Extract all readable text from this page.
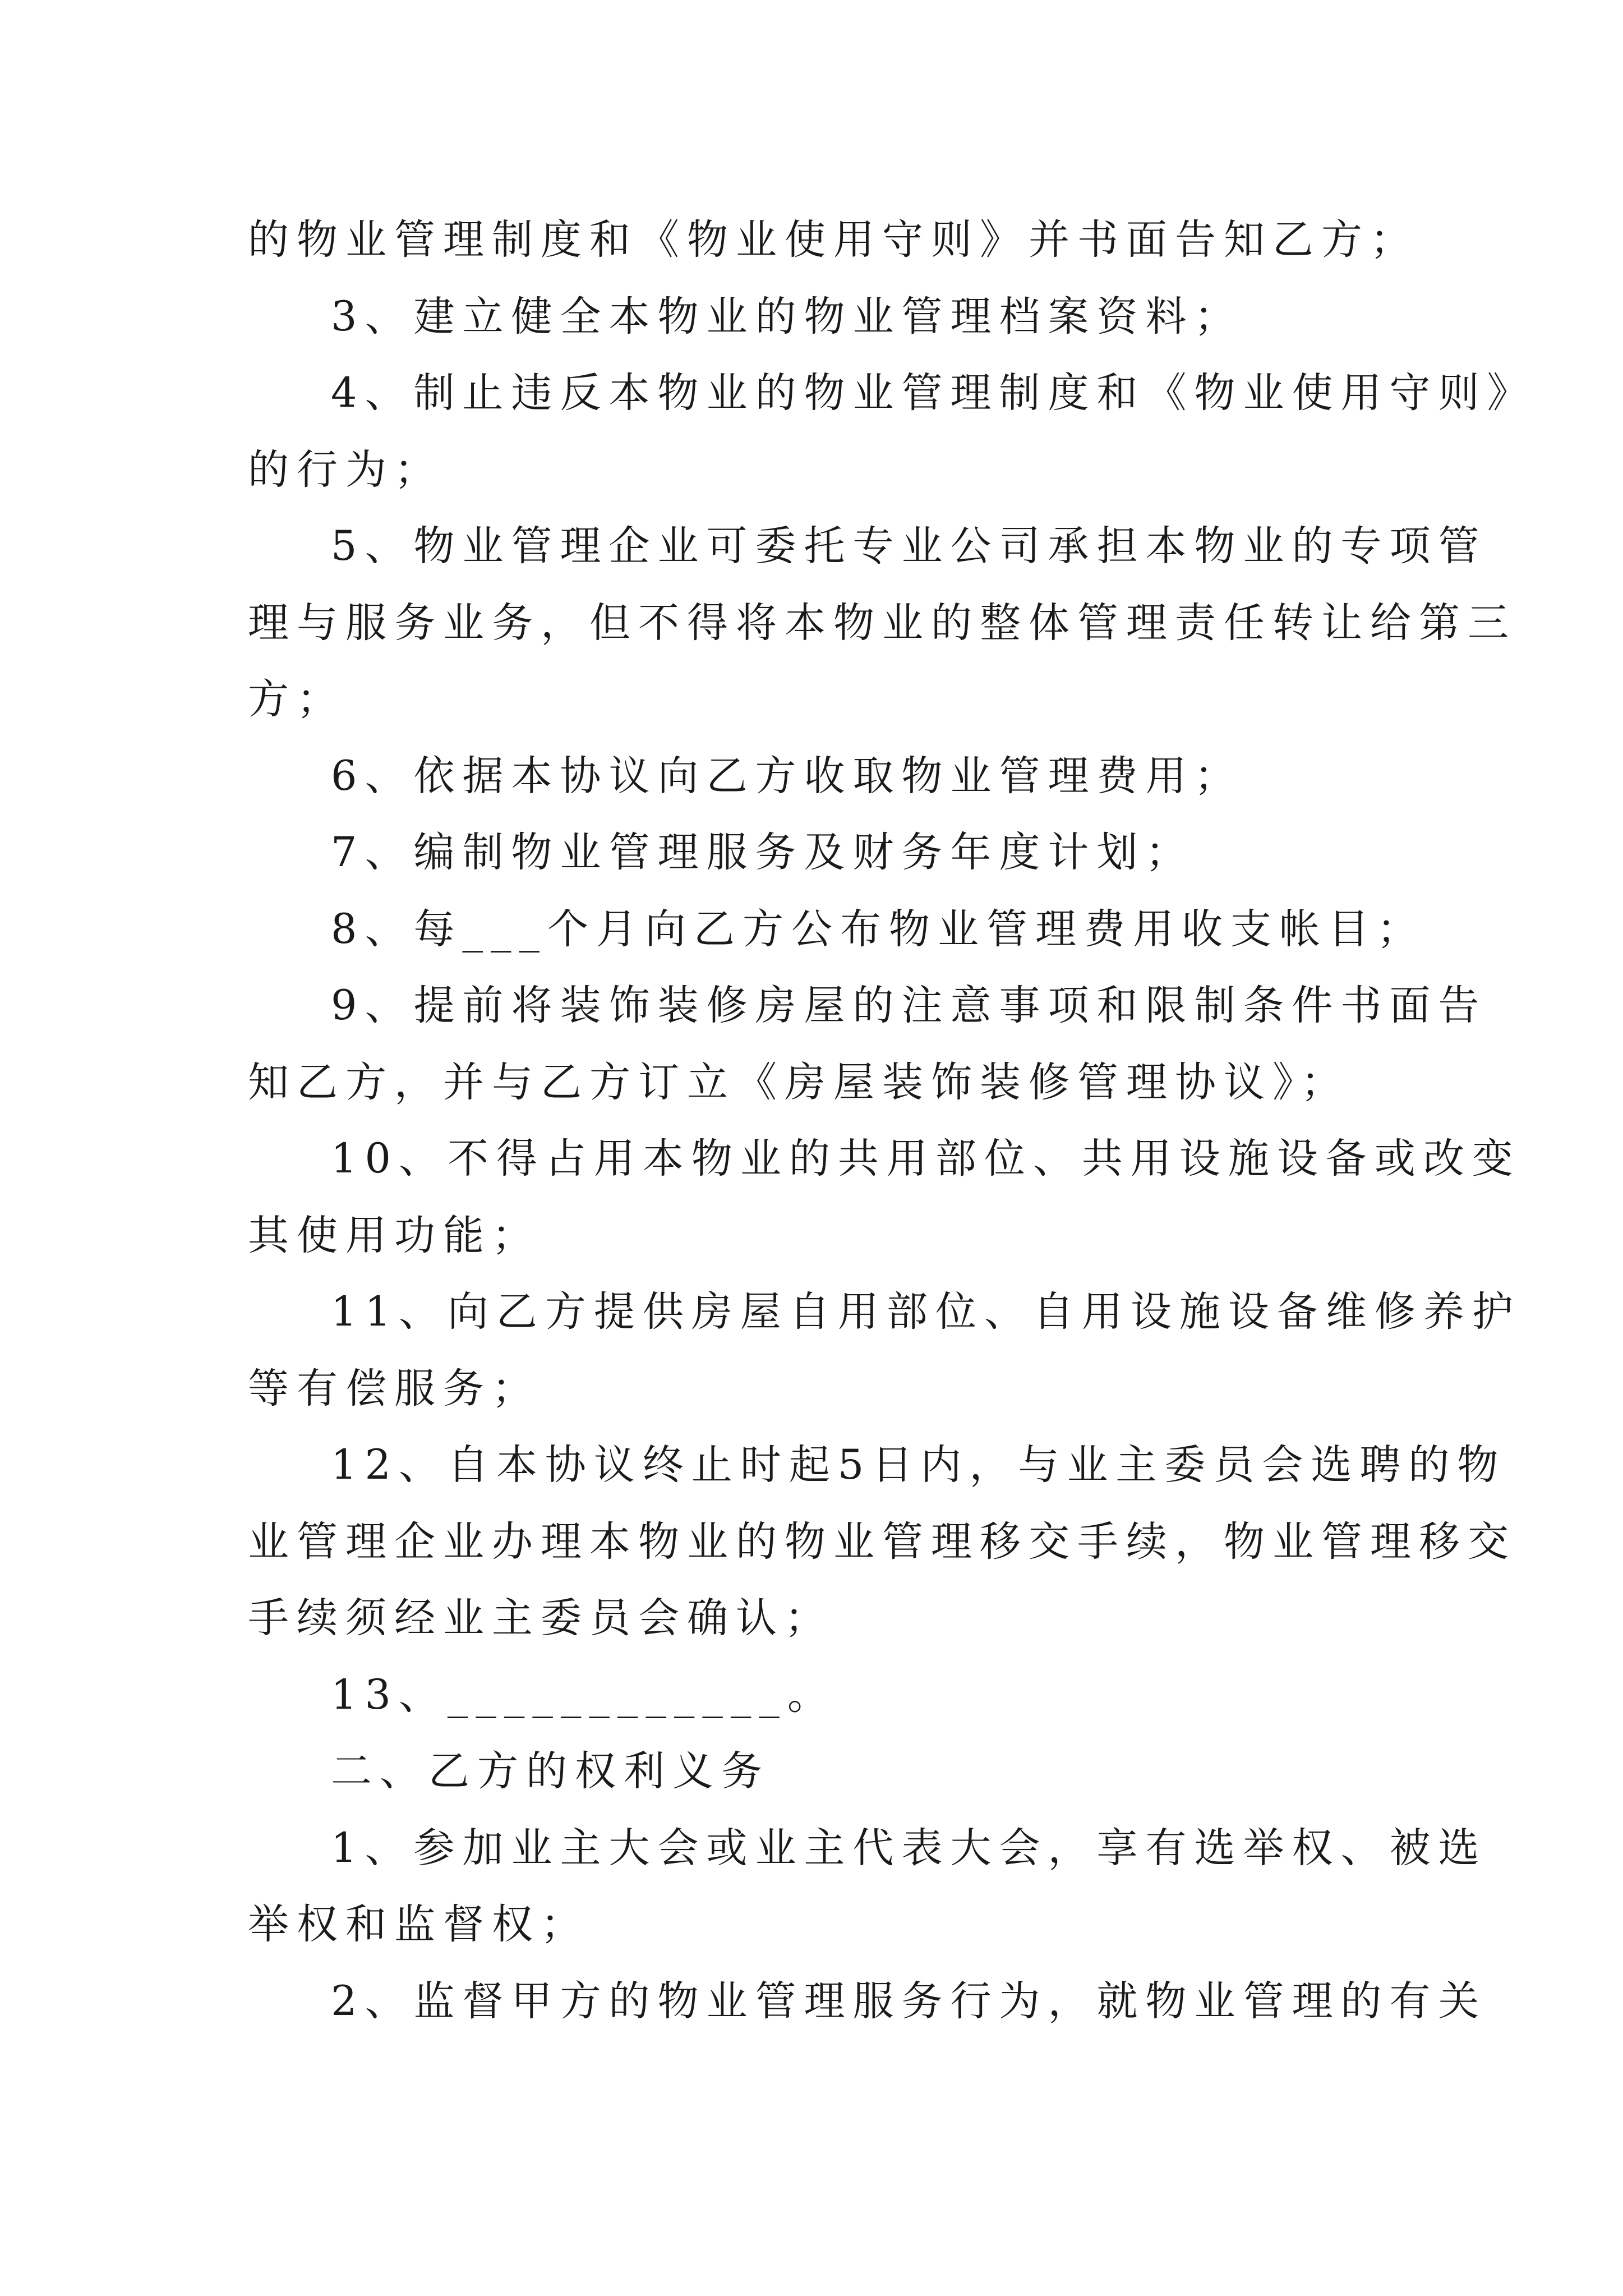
的物业管理制度和《物业使用守则》并书面告知乙方；
3、建立健全本物业的物业管理档案资料；
4、制止违反本物业的物业管理制度和《物业使用守则》
的行为；
5、物业管理企业可委托专业公司承担本物业的专项管
理与服务业务，但不得将本物业的整体管理责任转让给第三
方；
6、依据本协议向乙方收取物业管理费用；
7、编制物业管理服务及财务年度计划；
8、每___个月向乙方公布物业管理费用收支帐目；
9、提前将装饰装修房屋的注意事项和限制条件书面告
知乙方，并与乙方订立《房屋装饰装修管理协议》；
10、不得占用本物业的共用部位、共用设施设备或改变
其使用功能；
11、向乙方提供房屋自用部位、自用设施设备维修养护
等有偿服务；
12、自本协议终止时起5日内，与业主委员会选聘的物
业管理企业办理本物业的物业管理移交手续，物业管理移交
手续须经业主委员会确认；
13、____________。
二、乙方的权利义务
1、参加业主大会或业主代表大会，享有选举权、被选
举权和监督权；
2、监督甲方的物业管理服务行为，就物业管理的有关
